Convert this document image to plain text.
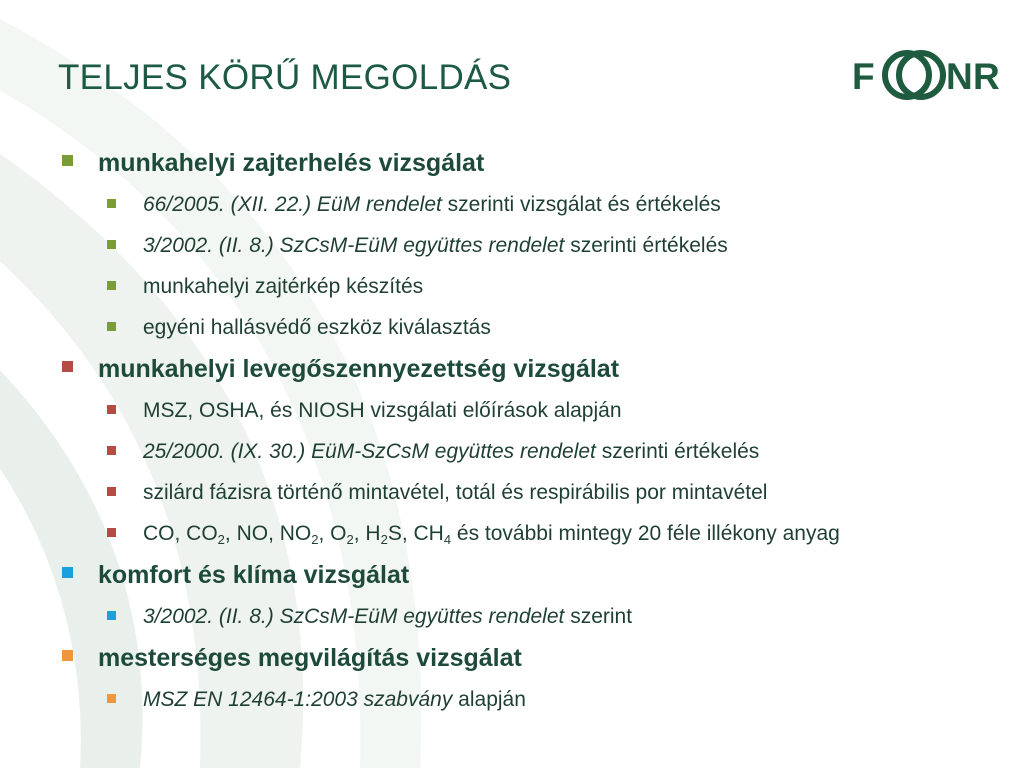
TELJES KÖRŰ MEGOLDÁS	F N R
munkahelyi zajterhelés vizsgálat
66/2005. (XII. 22.) EüM rendelet szerinti vizsgálat és értékelés
3/2002. (II. 8.) SzCsM-EüM együttes rendelet szerinti értékelés
munkahelyi zajtérkép készítés
egyéni hallásvédő eszköz kiválasztás
munkahelyi levegőszennyezettség vizsgálat
MSZ, OSHA, és NIOSH vizsgálati előírások alapján
25/2000. (IX. 30.) EüM-SzCsM együttes rendelet szerinti értékelés
szilárd fázisra történő mintavétel, totál és respirábilis por mintavétel
CO, $CO_2$, NO, $NO_2$, $O_2$, $H_2S$, $CH_4$ és további mintegy 20 féle illékony anyag
komfort és klíma vizsgálat
3/2002. (II. 8.) SzCsM-EüM együttes rendelet szerint
mesterséges megvilágítás vizsgálat
MSZ EN 12464-1:2003 szabvány alapján
